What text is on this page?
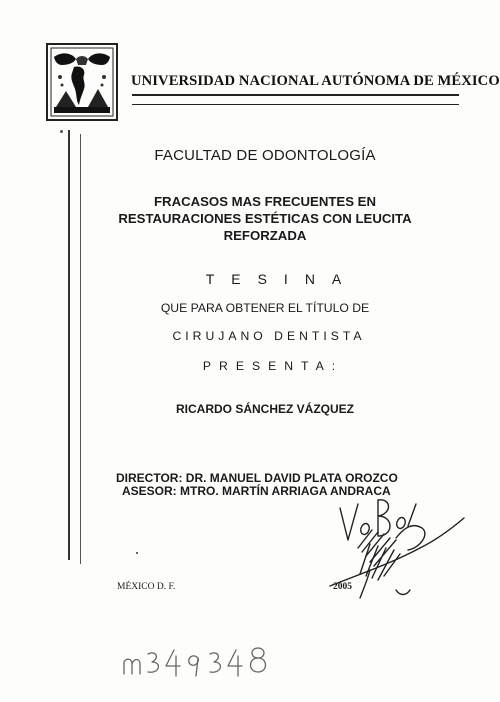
UNIVERSIDAD NACIONAL AUTÓNOMA DE MÉXICO
FACULTAD DE ODONTOLOGÍA
FRACASOS MAS FRECUENTES EN
RESTAURACIONES ESTÉTICAS CON LEUCITA
REFORZADA
TESINA
QUE PARA OBTENER EL TÍTULO DE
CIRUJANO DENTISTA
PRESENTA:
RICARDO SÁNCHEZ VÁZQUEZ
DIRECTOR: DR. MANUEL DAVID PLATA OROZCO
ASESOR: MTRO. MARTÍN ARRIAGA ANDRACA
MÉXICO D. F.	2005
